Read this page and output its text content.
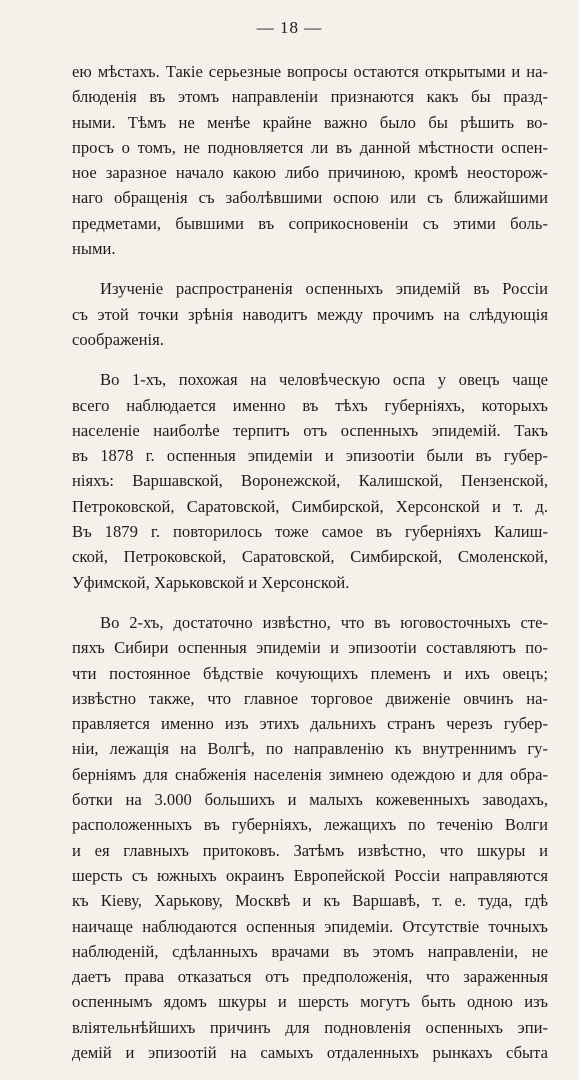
— 18 —
ею мѣстахъ. Такіе серьезные вопросы остаются открытыми и на-
блюденія въ этомъ направленіи признаются какъ бы празд-
ными. Тѣмъ не менѣе крайне важно было бы рѣшить во-
просъ о томъ, не подновляется ли въ данной мѣстности оспен-
ное заразное начало какою либо причиною, кромѣ неосторож-
наго обращенія съ заболѣвшими оспою или съ ближайшими
предметами, бывшими въ соприкосновеніи съ этими боль-
ными.
Изученіе распространенія оспенныхъ эпидемій въ Россіи
съ этой точки зрѣнія наводитъ между прочимъ на слѣдующія
соображенія.
Во 1-хъ, похожая на человѣческую оспа у овецъ чаще
всего наблюдается именно въ тѣхъ губерніяхъ, которыхъ
населеніе наиболѣе терпитъ отъ оспенныхъ эпидемій. Такъ
въ 1878 г. оспенныя эпидеміи и эпизоотіи были въ губер-
ніяхъ: Варшавской, Воронежской, Калишской, Пензенской,
Петроковской, Саратовской, Симбирской, Херсонской и т. д.
Въ 1879 г. повторилось тоже самое въ губерніяхъ Калиш-
ской, Петроковской, Саратовской, Симбирской, Смоленской,
Уфимской, Харьковской и Херсонской.
Во 2-хъ, достаточно извѣстно, что въ юговосточныхъ сте-
пяхъ Сибири оспенныя эпидеміи и эпизоотіи составляютъ по-
чти постоянное бѣдствіе кочующихъ племенъ и ихъ овецъ;
извѣстно также, что главное торговое движеніе овчинъ на-
правляется именно изъ этихъ дальнихъ странъ черезъ губер-
ніи, лежащія на Волгѣ, по направленію къ внутреннимъ гу-
берніямъ для снабженія населенія зимнею одеждою и для обра-
ботки на 3.000 большихъ и малыхъ кожевенныхъ заводахъ,
расположенныхъ въ губерніяхъ, лежащихъ по теченію Волги
и ея главныхъ притоковъ. Затѣмъ извѣстно, что шкуры и
шерсть съ южныхъ окраинъ Европейской Россіи направляются
къ Кіеву, Харькову, Москвѣ и къ Варшавѣ, т. е. туда, гдѣ
наичаще наблюдаются оспенныя эпидеміи. Отсутствіе точныхъ
наблюденій, сдѣланныхъ врачами въ этомъ направленіи, не
даетъ права отказаться отъ предположенія, что зараженныя
оспеннымъ ядомъ шкуры и шерсть могутъ быть одною изъ
вліятельнѣйшихъ причинъ для подновленія оспенныхъ эпи-
демій и эпизоотій на самыхъ отдаленныхъ рынкахъ сбыта
